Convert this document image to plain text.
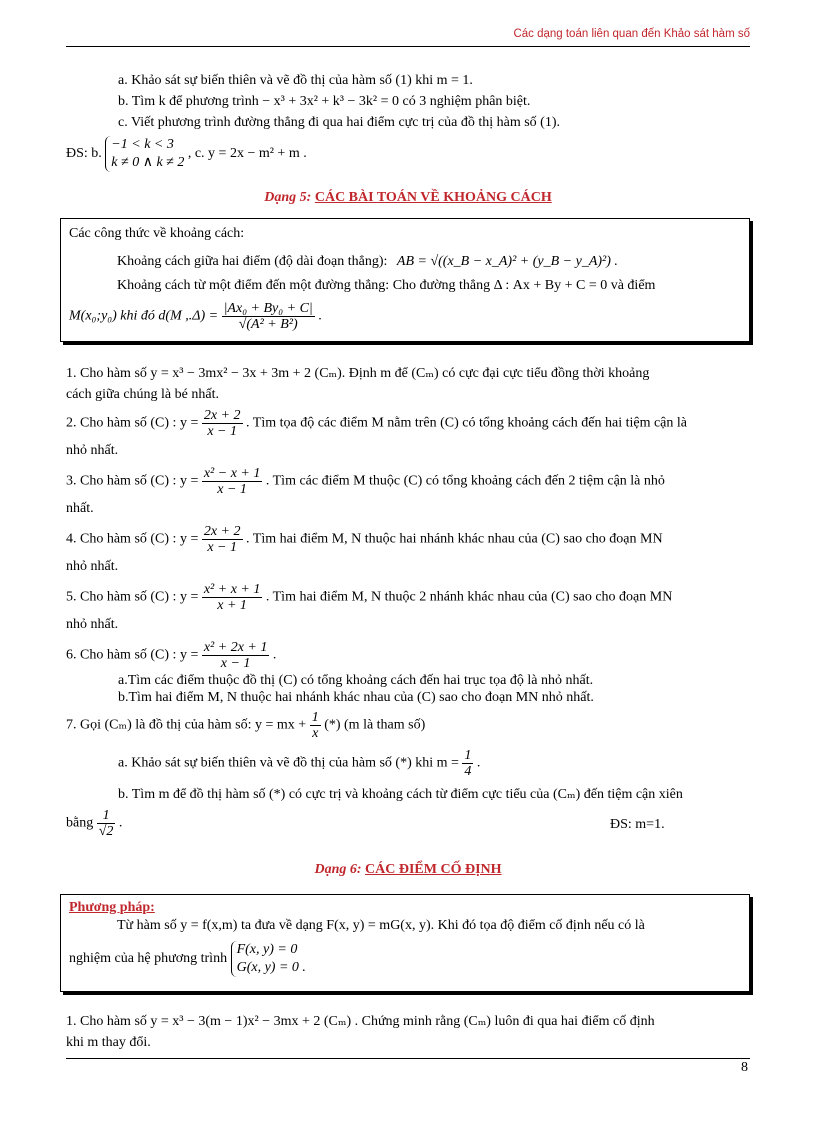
Các dạng toán liên quan đến Khảo sát hàm số
a. Khảo sát sự biến thiên và vẽ đồ thị của hàm số (1) khi m = 1.
b. Tìm k để phương trình − x³ + 3x² + k³ − 3k² = 0 có 3 nghiệm phân biệt.
c. Viết phương trình đường thẳng đi qua hai điểm cực trị của đồ thị hàm số (1).
ĐS: b.
−1 < k < 3
k ≠ 0 ∧ k ≠ 2
, c. y = 2x − m² + m .
Dạng 5: CÁC BÀI TOÁN VỀ KHOẢNG CÁCH
Các công thức về khoảng cách:
Khoảng cách giữa hai điểm (độ dài đoạn thẳng): AB = √((x_B − x_A)² + (y_B − y_A)²) .
Khoảng cách từ một điểm đến một đường thẳng: Cho đường thẳng Δ : Ax + By + C = 0 và điểm
M(x₀;y₀) khi đó d(M $,.\Delta) = \frac{\text{|Ax₀ + By₀ + C|}}{\text{√(A² + B²)}}$ .
1. Cho hàm số y = x³ − 3mx² − 3x + 3m + 2 (Cₘ). Định m để (Cₘ) có cực đại cực tiểu đồng thời khoảng
cách giữa chúng là bé nhất.
2. Cho hàm số (C) : $y = \frac{2x + 2}{x - 1}$ . Tìm tọa độ các điểm M nằm trên (C) có tổng khoảng cách đến hai tiệm cận là
nhỏ nhất.
3. Cho hàm số (C) : $y = \frac{\text{x² − x + 1}}{x - 1}$ . Tìm các điểm M thuộc (C) có tổng khoảng cách đến 2 tiệm cận là nhỏ
nhất.
4. Cho hàm số (C) : $y = \frac{2x + 2}{x - 1}$ . Tìm hai điểm M, N thuộc hai nhánh khác nhau của (C) sao cho đoạn MN
nhỏ nhất.
5. Cho hàm số (C) : $y = \frac{\text{x² + x + 1}}{x + 1}$ . Tìm hai điểm M, N thuộc 2 nhánh khác nhau của (C) sao cho đoạn MN
nhỏ nhất.
6. Cho hàm số (C) : $y = \frac{\text{x² + 2x + 1}}{x - 1}$ .
a.Tìm các điểm thuộc đồ thị (C) có tổng khoảng cách đến hai trục tọa độ là nhỏ nhất.
b.Tìm hai điểm M, N thuộc hai nhánh khác nhau của (C) sao cho đoạn MN nhỏ nhất.
7. Gọi (Cₘ) là đồ thị của hàm số: y = mx + $\frac{1}{x}$ (*) (m là tham số)
a. Khảo sát sự biến thiên và vẽ đồ thị của hàm số (*) khi $m = \frac{1}{4}$ .
b. Tìm m để đồ thị hàm số (*) có cực trị và khoảng cách từ điểm cực tiểu của (Cₘ) đến tiệm cận xiên
bằng $\frac{1}{√2}$ .	ĐS: m=1.
Dạng 6: CÁC ĐIỂM CỐ ĐỊNH
Phương pháp:
Từ hàm số y = f(x,m) ta đưa về dạng F(x, y) = mG(x, y). Khi đó tọa độ điểm cố định nếu có là
nghiệm của hệ phương trình
F(x, y) = 0
G(x, y) = 0 .
1. Cho hàm số y = x³ − 3(m − 1)x² − 3mx + 2 (Cₘ) . Chứng minh rằng (Cₘ) luôn đi qua hai điểm cố định
khi m thay đổi.
8
